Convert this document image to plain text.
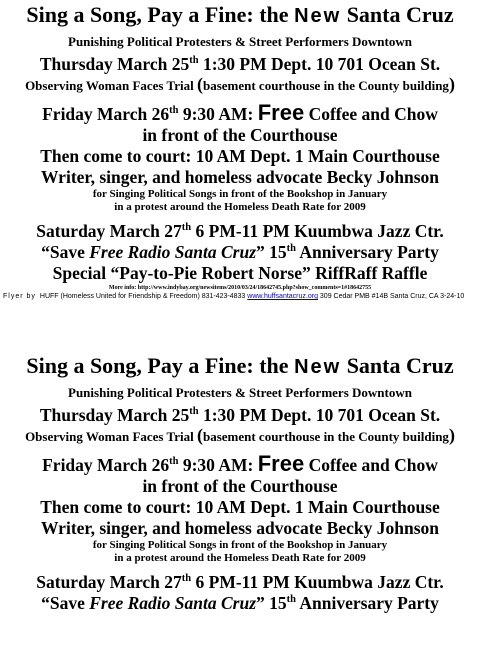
Sing a Song, Pay a Fine: the New Santa Cruz

Punishing Political Protesters & Street Performers Downtown

Thursday March 25th 1:30 PM Dept. 10 701 Ocean St.

Observing Woman Faces Trial (basement courthouse in the County building)

Friday March 26th 9:30 AM: Free Coffee and Chow

in front of the Courthouse

Then come to court: 10 AM Dept. 1 Main Courthouse

Writer, singer, and homeless advocate Becky Johnson

for Singing Political Songs in front of the Bookshop in January

in a protest around the Homeless Death Rate for 2009

Saturday March 27th 6 PM-11 PM Kuumbwa Jazz Ctr.

“Save Free Radio Santa Cruz” 15th Anniversary Party

Special “Pay-to-Pie Robert Norse” RiffRaff Raffle

More info: http://www.indybay.org/newsitems/2010/03/24/18642745.php?show_comments=1#18642755

Flyer by HUFF (Homeless United for Friendship & Freedom) 831-423-4833 www.huffsantacruz.org 309 Cedar PMB #14B Santa Cruz, CA 3-24-10

Sing a Song, Pay a Fine: the New Santa Cruz

Punishing Political Protesters & Street Performers Downtown

Thursday March 25th 1:30 PM Dept. 10 701 Ocean St.

Observing Woman Faces Trial (basement courthouse in the County building)

Friday March 26th 9:30 AM: Free Coffee and Chow

in front of the Courthouse

Then come to court: 10 AM Dept. 1 Main Courthouse

Writer, singer, and homeless advocate Becky Johnson

for Singing Political Songs in front of the Bookshop in January

in a protest around the Homeless Death Rate for 2009

Saturday March 27th 6 PM-11 PM Kuumbwa Jazz Ctr.

“Save Free Radio Santa Cruz” 15th Anniversary Party
